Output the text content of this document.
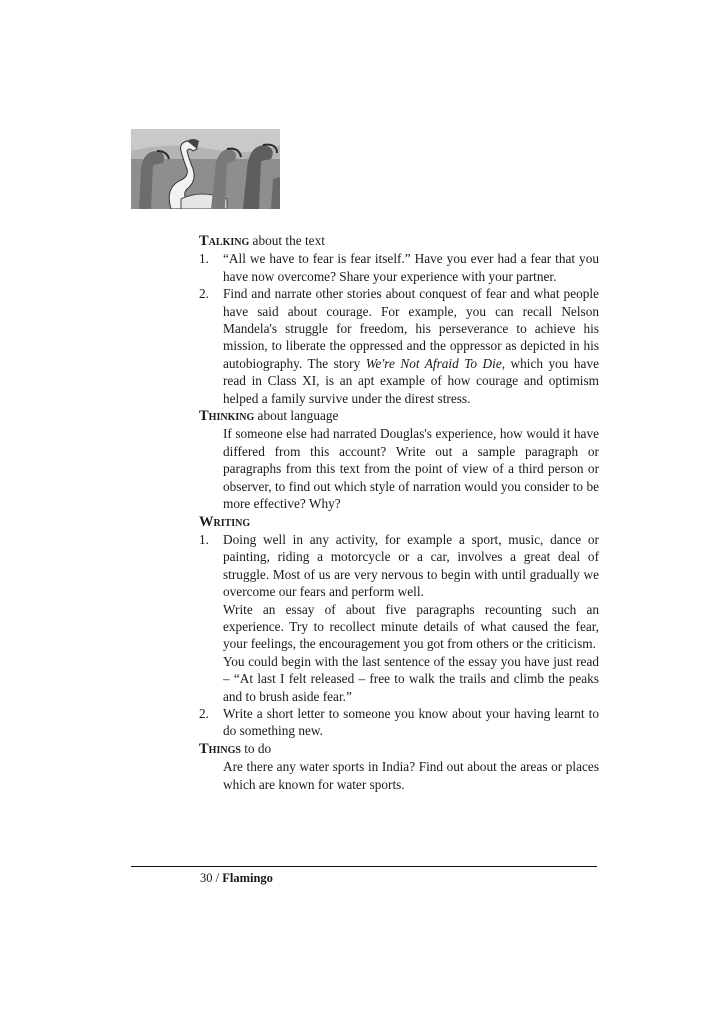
Talking about the text

1. “All we have to fear is fear itself.” Have you ever had a fear that you have now overcome? Share your experience with your partner.
2. Find and narrate other stories about conquest of fear and what people have said about courage. For example, you can recall Nelson Mandela's struggle for freedom, his perseverance to achieve his mission, to liberate the oppressed and the oppressor as depicted in his autobiography. The story We're Not Afraid To Die, which you have read in Class XI, is an apt example of how courage and optimism helped a family survive under the direst stress.

Thinking about language

If someone else had narrated Douglas's experience, how would it have differed from this account? Write out a sample paragraph or paragraphs from this text from the point of view of a third person or observer, to find out which style of narration would you consider to be more effective? Why?

Writing

1. Doing well in any activity, for example a sport, music, dance or painting, riding a motorcycle or a car, involves a great deal of struggle. Most of us are very nervous to begin with until gradually we overcome our fears and perform well.

Write an essay of about five paragraphs recounting such an experience. Try to recollect minute details of what caused the fear, your feelings, the encouragement you got from others or the criticism.

You could begin with the last sentence of the essay you have just read – “At last I felt released – free to walk the trails and climb the peaks and to brush aside fear.”

2. Write a short letter to someone you know about your having learnt to do something new.

Things to do

Are there any water sports in India? Find out about the areas or places which are known for water sports.

30 / Flamingo
